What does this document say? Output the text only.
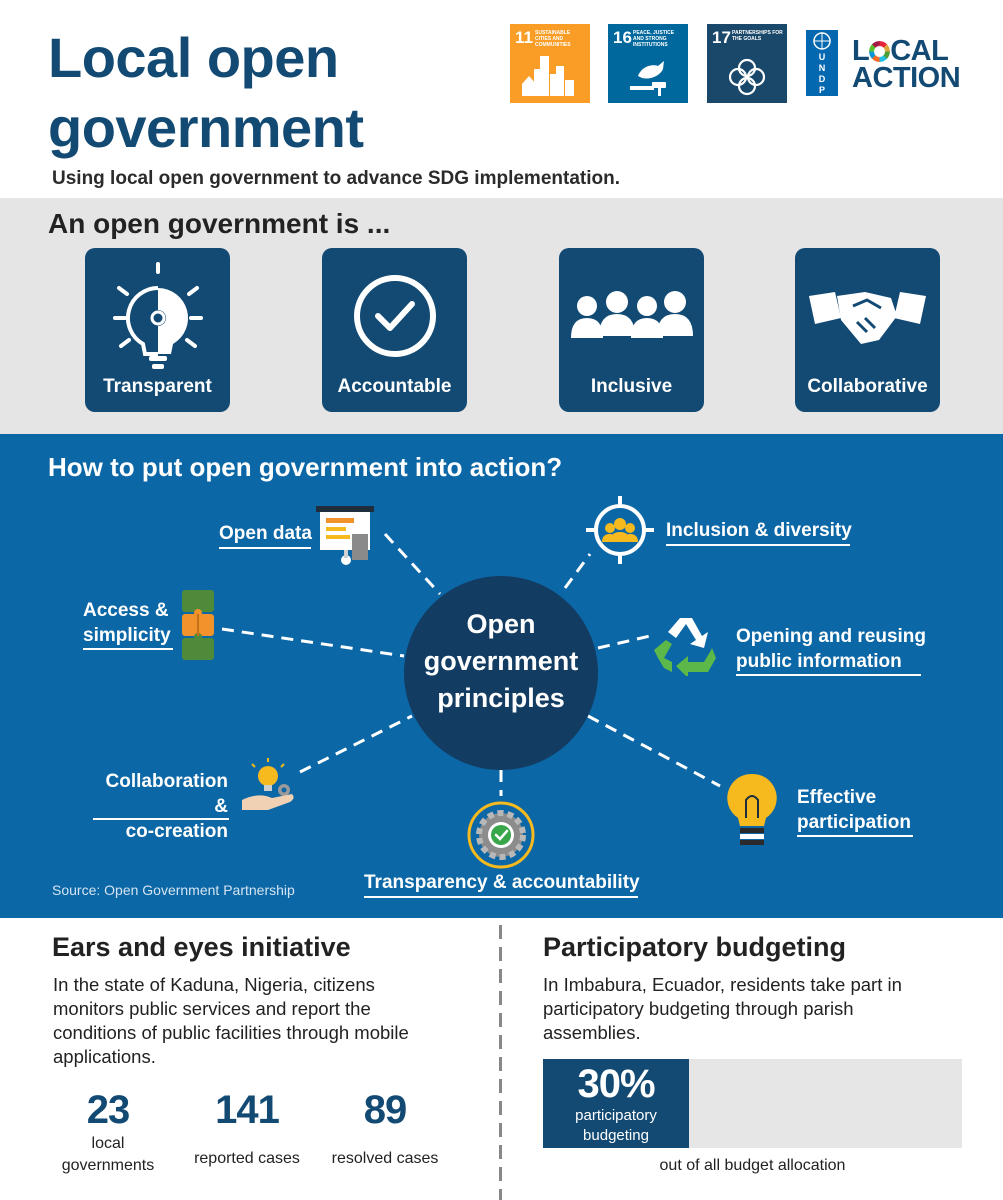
Local open
government
Using local open government to advance SDG implementation.
11 SUSTAINABLE CITIES AND COMMUNITIES	16 PEACE, JUSTICE AND STRONG INSTITUTIONS	17 PARTNERSHIPS FOR THE GOALS
U
N
D
P
L CAL
ACTION
An open government is ...
Transparent	Accountable	Inclusive	Collaborative
How to put open government into action?
Open
government
principles
Open data	Inclusion & diversity
Access &
simplicity	Opening and reusing
public information
Collaboration &
co-creation
Effective
participation
Transparency & accountability
Source: Open Government Partnership
Ears and eyes initiative
In the state of Kaduna, Nigeria, citizens
monitors public services and report the
conditions of public facilities through mobile
applications.
23
local
governments
141
reported cases
89
resolved cases
Participatory budgeting
In Imbabura, Ecuador, residents take part in
participatory budgeting through parish
assemblies.
30%
participatory
budgeting
out of all budget allocation
